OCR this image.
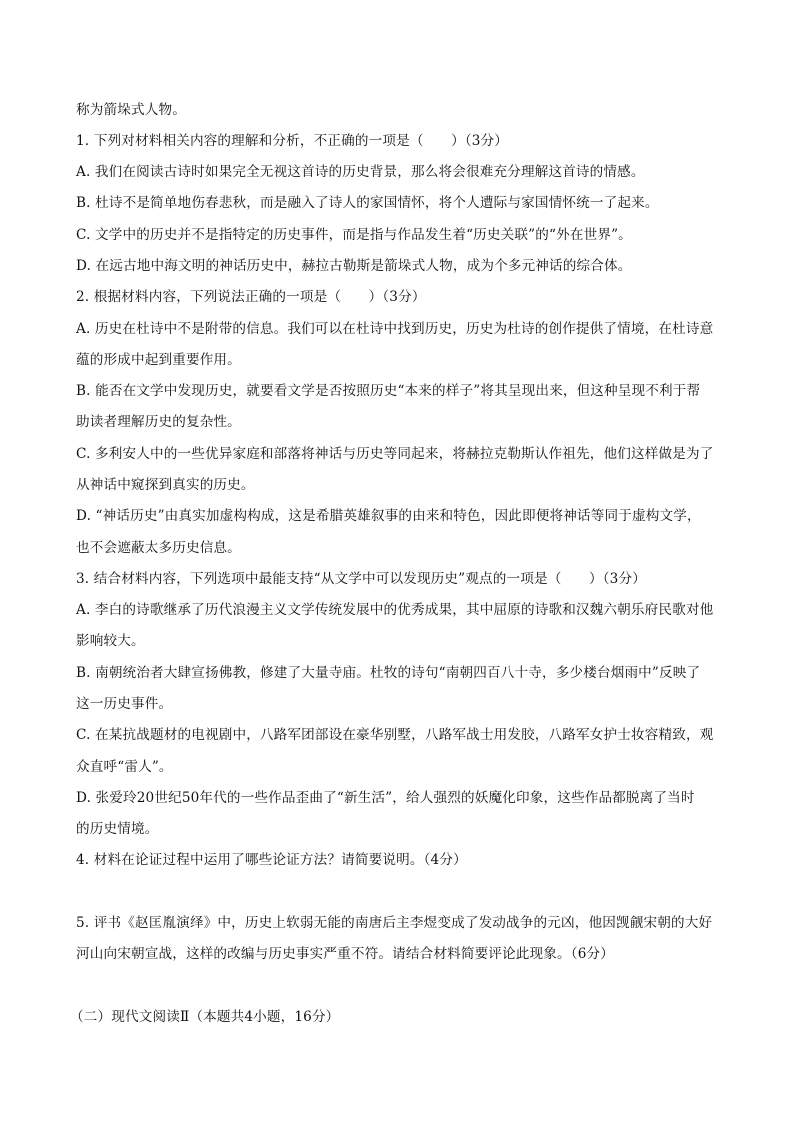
称为箭垛式人物。
1. 下列对材料相关内容的理解和分析，不正确的一项是（　　）（3分）
A. 我们在阅读古诗时如果完全无视这首诗的历史背景，那么将会很难充分理解这首诗的情感。
B. 杜诗不是简单地伤春悲秋，而是融入了诗人的家国情怀，将个人遭际与家国情怀统一了起来。
C. 文学中的历史并不是指特定的历史事件，而是指与作品发生着“历史关联”的“外在世界”。
D. 在远古地中海文明的神话历史中，赫拉古勒斯是箭垛式人物，成为个多元神话的综合体。
2. 根据材料内容，下列说法正确的一项是（　　）（3分）
A. 历史在杜诗中不是附带的信息。我们可以在杜诗中找到历史，历史为杜诗的创作提供了情境，在杜诗意
蕴的形成中起到重要作用。
B. 能否在文学中发现历史，就要看文学是否按照历史“本来的样子”将其呈现出来，但这种呈现不利于帮
助读者理解历史的复杂性。
C. 多利安人中的一些优异家庭和部落将神话与历史等同起来，将赫拉克勒斯认作祖先，他们这样做是为了
从神话中窥探到真实的历史。
D. “神话历史”由真实加虚构构成，这是希腊英雄叙事的由来和特色，因此即便将神话等同于虚构文学，
也不会遮蔽太多历史信息。
3. 结合材料内容，下列选项中最能支持“从文学中可以发现历史”观点的一项是（　　）（3分）
A. 李白的诗歌继承了历代浪漫主义文学传统发展中的优秀成果，其中屈原的诗歌和汉魏六朝乐府民歌对他
影响较大。
B. 南朝统治者大肆宣扬佛教，修建了大量寺庙。杜牧的诗句“南朝四百八十寺，多少楼台烟雨中”反映了
这一历史事件。
C. 在某抗战题材的电视剧中，八路军团部设在豪华别墅，八路军战士用发胶，八路军女护士妆容精致，观
众直呼“雷人”。
D. 张爱玲20世纪50年代的一些作品歪曲了“新生活”，给人强烈的妖魔化印象，这些作品都脱离了当时
的历史情境。
4. 材料在论证过程中运用了哪些论证方法？请简要说明。（4分）
5. 评书《赵匡胤演绎》中，历史上软弱无能的南唐后主李煜变成了发动战争的元凶，他因觊觎宋朝的大好
河山向宋朝宣战，这样的改编与历史事实严重不符。请结合材料简要评论此现象。（6分）
（二）现代文阅读Ⅱ（本题共4小题，16分）
